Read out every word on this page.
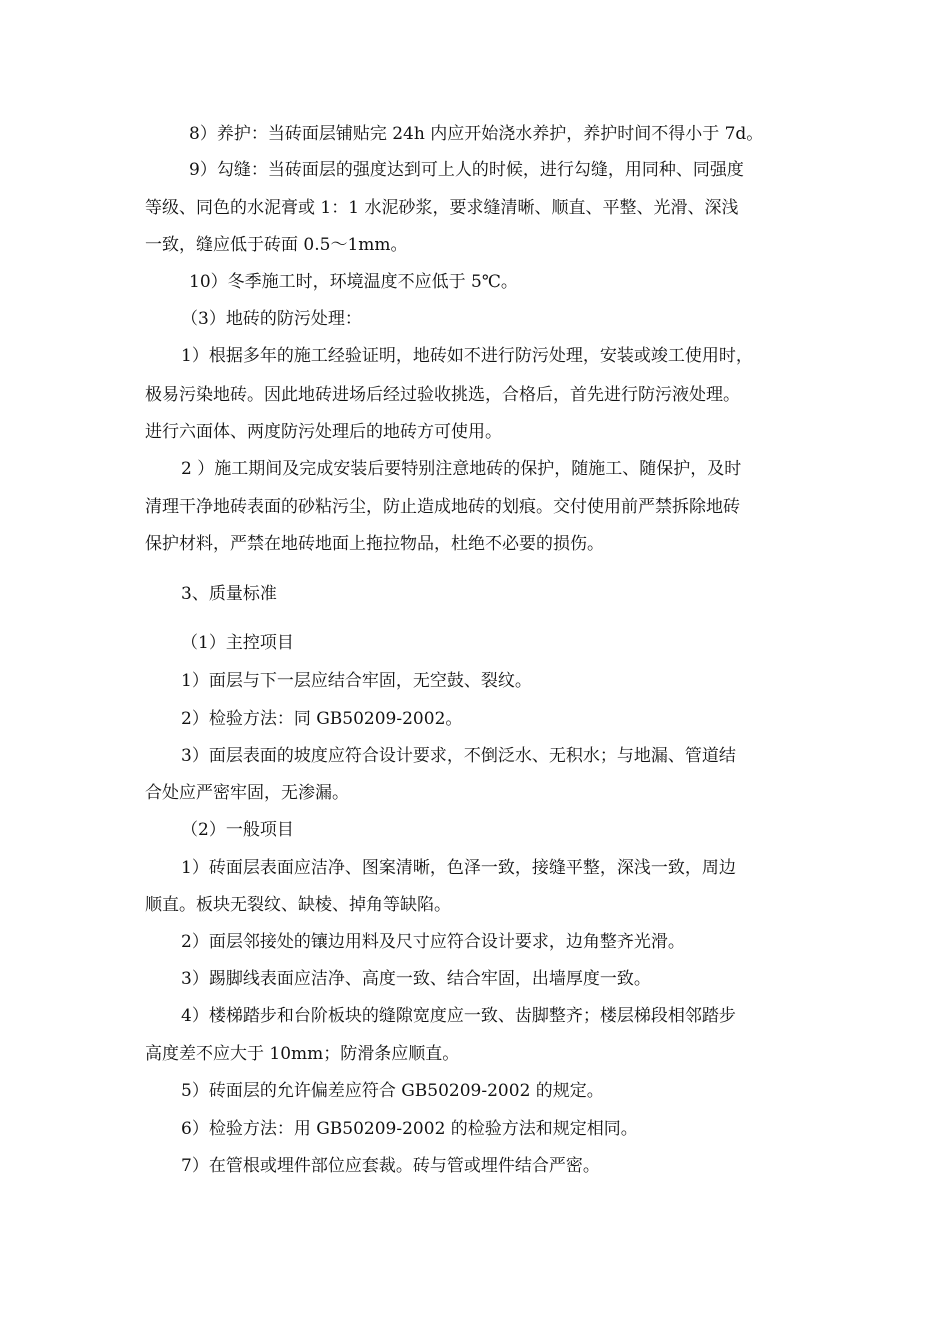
8）养护：当砖面层铺贴完 24h 内应开始浇水养护，养护时间不得小于 7d。
9）勾缝：当砖面层的强度达到可上人的时候，进行勾缝，用同种、同强度
等级、同色的水泥膏或 1：1 水泥砂浆，要求缝清晰、顺直、平整、光滑、深浅
一致，缝应低于砖面 0.5～1mm。
10）冬季施工时，环境温度不应低于 5℃。
（3）地砖的防污处理：
1）根据多年的施工经验证明，地砖如不进行防污处理，安装或竣工使用时，
极易污染地砖。因此地砖进场后经过验收挑选，合格后，首先进行防污液处理。
进行六面体、两度防污处理后的地砖方可使用。
2 ）施工期间及完成安装后要特别注意地砖的保护，随施工、随保护，及时
清理干净地砖表面的砂粘污尘，防止造成地砖的划痕。交付使用前严禁拆除地砖
保护材料，严禁在地砖地面上拖拉物品，杜绝不必要的损伤。
3、质量标准
（1）主控项目
1）面层与下一层应结合牢固，无空鼓、裂纹。
2）检验方法：同 GB50209-2002。
3）面层表面的坡度应符合设计要求，不倒泛水、无积水；与地漏、管道结
合处应严密牢固，无渗漏。
（2）一般项目
1）砖面层表面应洁净、图案清晰，色泽一致，接缝平整，深浅一致，周边
顺直。板块无裂纹、缺棱、掉角等缺陷。
2）面层邻接处的镶边用料及尺寸应符合设计要求，边角整齐光滑。
3）踢脚线表面应洁净、高度一致、结合牢固，出墙厚度一致。
4）楼梯踏步和台阶板块的缝隙宽度应一致、齿脚整齐；楼层梯段相邻踏步
高度差不应大于 10mm；防滑条应顺直。
5）砖面层的允许偏差应符合 GB50209-2002 的规定。
6）检验方法：用 GB50209-2002 的检验方法和规定相同。
7）在管根或埋件部位应套裁。砖与管或埋件结合严密。
